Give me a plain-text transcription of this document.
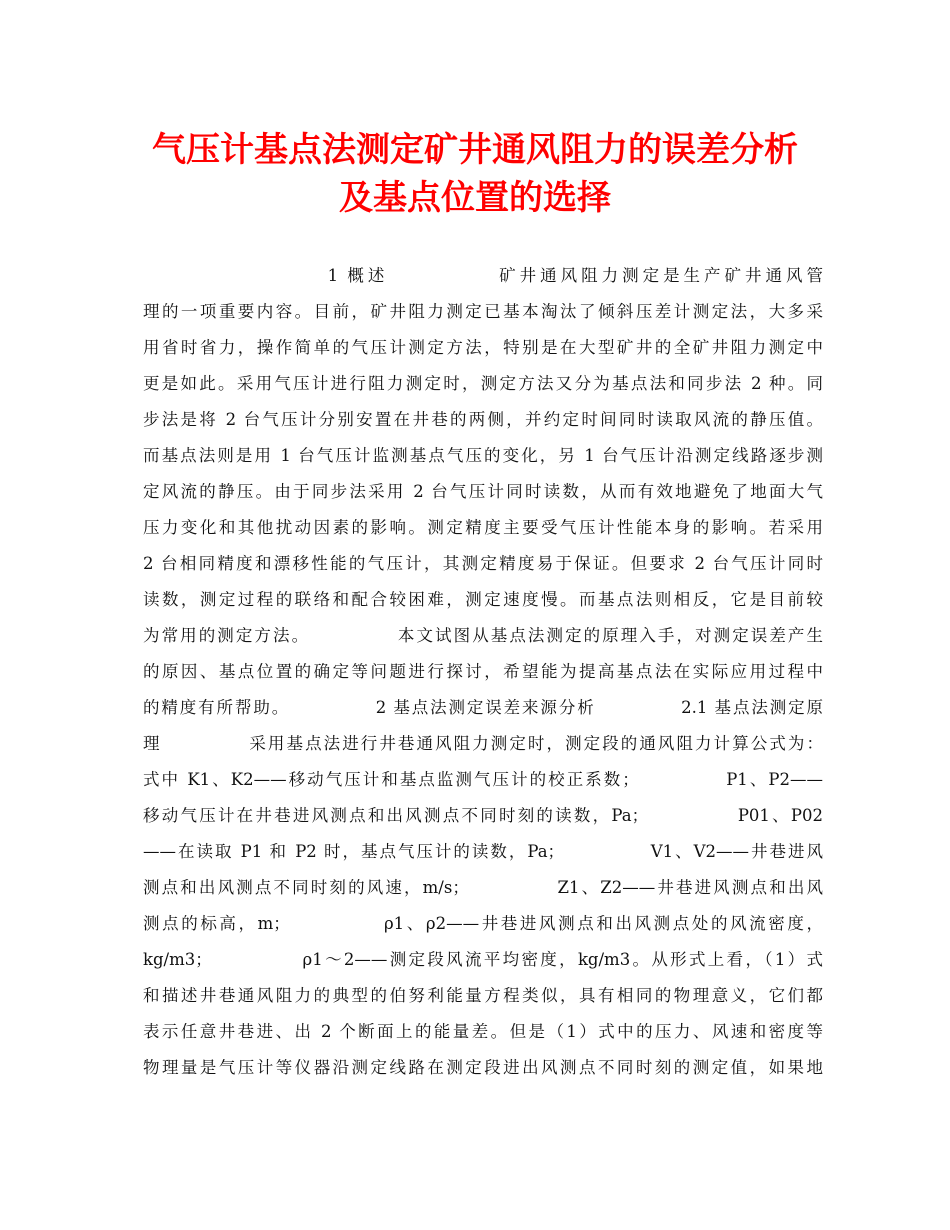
气压计基点法测定矿井通风阻力的误差分析
及基点位置的选择
1 概述            矿井通风阻力测定是生产矿井通风管
理的一项重要内容。目前，矿井阻力测定已基本淘汰了倾斜压差计测定法，大多采
用省时省力，操作简单的气压计测定方法，特别是在大型矿井的全矿井阻力测定中
更是如此。采用气压计进行阻力测定时，测定方法又分为基点法和同步法 2 种。同
步法是将 2 台气压计分别安置在井巷的两侧，并约定时间同时读取风流的静压值。
而基点法则是用 1 台气压计监测基点气压的变化，另 1 台气压计沿测定线路逐步测
定风流的静压。由于同步法采用 2 台气压计同时读数，从而有效地避免了地面大气
压力变化和其他扰动因素的影响。测定精度主要受气压计性能本身的影响。若采用
2 台相同精度和漂移性能的气压计，其测定精度易于保证。但要求 2 台气压计同时
读数，测定过程的联络和配合较困难，测定速度慢。而基点法则相反，它是目前较
为常用的测定方法。            本文试图从基点法测定的原理入手，对测定误差产生
的原因、基点位置的确定等问题进行探讨，希望能为提高基点法在实际应用过程中
的精度有所帮助。            2 基点法测定误差来源分析            2.1 基点法测定原
理            采用基点法进行井巷通风阻力测定时，测定段的通风阻力计算公式为：
式中 K1、K2——移动气压计和基点监测气压计的校正系数；            P1、P2——
移动气压计在井巷进风测点和出风测点不同时刻的读数，Pa；            P01、P02
——在读取 P1 和 P2 时，基点气压计的读数，Pa；            V1、V2——井巷进风
测点和出风测点不同时刻的风速，m/s；            Z1、Z2——井巷进风测点和出风
测点的标高，m；            ρ1、ρ2——井巷进风测点和出风测点处的风流密度，
kg/m3；            ρ1～2——测定段风流平均密度，kg/m3。从形式上看，（1）式
和描述井巷通风阻力的典型的伯努利能量方程类似，具有相同的物理意义，它们都
表示任意井巷进、出 2 个断面上的能量差。但是（1）式中的压力、风速和密度等
物理量是气压计等仪器沿测定线路在测定段进出风测点不同时刻的测定值，如果地
